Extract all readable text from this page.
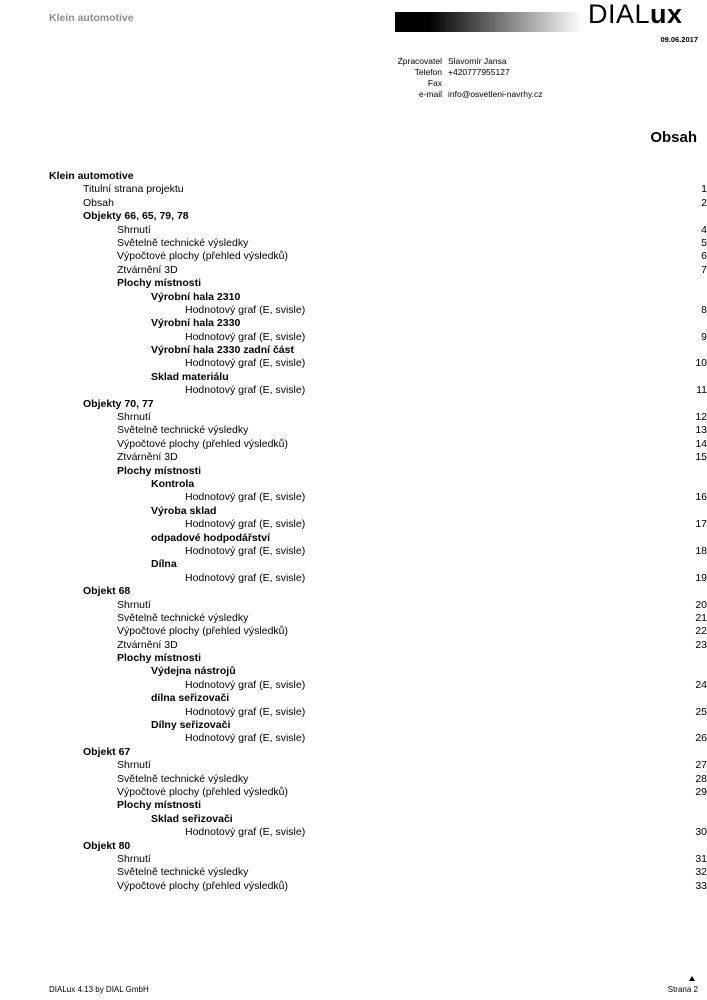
Klein automotive	DIALux
09.06.2017
Zpracovatel Slavomír Jansa
Telefon +420777955127
Fax
e-mail info@osvetleni-navrhy.cz
Obsah
Klein automotive
Titulní strana projektu	1
Obsah	2
Objekty 66, 65, 79, 78
Shrnutí	4
Světelně technické výsledky	5
Výpočtové plochy (přehled výsledků)	6
Ztvárnění 3D	7
Plochy místnosti
Výrobní hala 2310
Hodnotový graf (E, svisle)	8
Výrobní hala 2330
Hodnotový graf (E, svisle)	9
Výrobní hala 2330 zadní část
Hodnotový graf (E, svisle)	10
Sklad materiálu
Hodnotový graf (E, svisle)	11
Objekty 70, 77
Shrnutí	12
Světelně technické výsledky	13
Výpočtové plochy (přehled výsledků)	14
Ztvárnění 3D	15
Plochy místnosti
Kontrola
Hodnotový graf (E, svisle)	16
Výroba sklad
Hodnotový graf (E, svisle)	17
odpadové hodpodářství
Hodnotový graf (E, svisle)	18
Dílna
Hodnotový graf (E, svisle)	19
Objekt 68
Shrnutí	20
Světelně technické výsledky	21
Výpočtové plochy (přehled výsledků)	22
Ztvárnění 3D	23
Plochy místnosti
Výdejna nástrojů
Hodnotový graf (E, svisle)	24
dílna seřizovači
Hodnotový graf (E, svisle)	25
Dílny seřizovači
Hodnotový graf (E, svisle)	26
Objekt 67
Shrnutí	27
Světelně technické výsledky	28
Výpočtové plochy (přehled výsledků)	29
Plochy místnosti
Sklad seřizovači
Hodnotový graf (E, svisle)	30
Objekt 80
Shrnutí	31
Světelně technické výsledky	32
Výpočtové plochy (přehled výsledků)	33
DIALux 4.13 by DIAL GmbH	Strana 2
